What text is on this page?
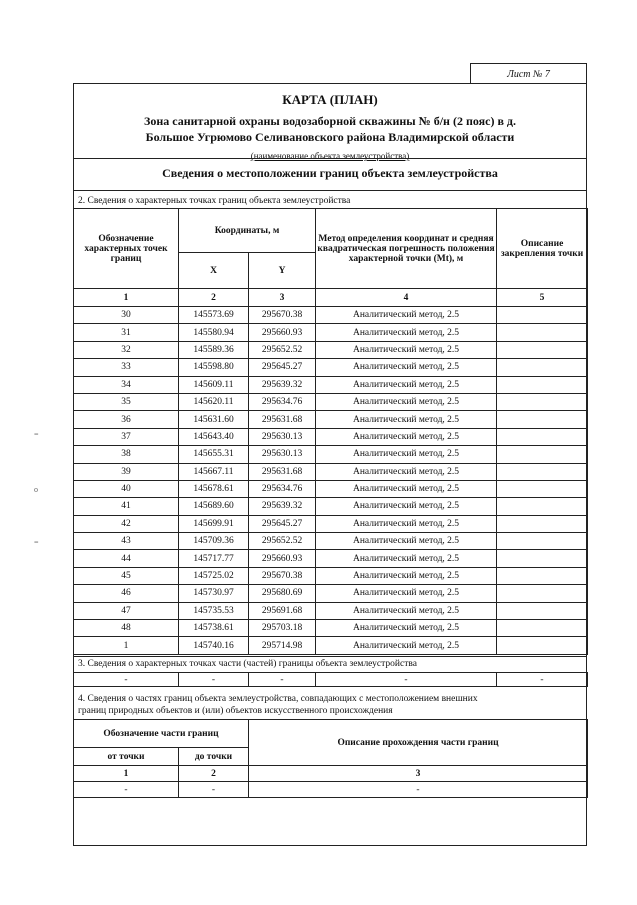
Лист № 7
КАРТА (ПЛАН)
Зона санитарной охраны водозаборной скважины № б/н (2 пояс) в д.
Большое Угрюмово Селивановского района Владимирской области
(наименование объекта землеустройства)
Сведения о местоположении границ объекта землеустройства
2. Сведения о характерных точках границ объекта землеустройства
Обозначение характерных точек границ	Координаты, м		Метод определения координат и средняя квадратическая погрешность положения характерной точки (Мt), м	Описание закрепления точки
	X	Y		
1	2	3	4	5
30	145573.69	295670.38	Аналитический метод, 2.5	
31	145580.94	295660.93	Аналитический метод, 2.5	
32	145589.36	295652.52	Аналитический метод, 2.5	
33	145598.80	295645.27	Аналитический метод, 2.5	
34	145609.11	295639.32	Аналитический метод, 2.5	
35	145620.11	295634.76	Аналитический метод, 2.5	
36	145631.60	295631.68	Аналитический метод, 2.5	
37	145643.40	295630.13	Аналитический метод, 2.5	
38	145655.31	295630.13	Аналитический метод, 2.5	
39	145667.11	295631.68	Аналитический метод, 2.5	
40	145678.61	295634.76	Аналитический метод, 2.5	
41	145689.60	295639.32	Аналитический метод, 2.5	
42	145699.91	295645.27	Аналитический метод, 2.5	
43	145709.36	295652.52	Аналитический метод, 2.5	
44	145717.77	295660.93	Аналитический метод, 2.5	
45	145725.02	295670.38	Аналитический метод, 2.5	
46	145730.97	295680.69	Аналитический метод, 2.5	
47	145735.53	295691.68	Аналитический метод, 2.5	
48	145738.61	295703.18	Аналитический метод, 2.5	
1	145740.16	295714.98	Аналитический метод, 2.5	
3. Сведения о характерных точках части (частей) границы объекта землеустройства
-	-	-	-	-
4. Сведения о частях границ объекта землеустройства, совпадающих с местоположением внешних
границ природных объектов и (или) объектов искусственного происхождения
Обозначение части границ		Описание прохождения части границ
от точки	до точки	
1	2	3
-	-	-
=
o
=
